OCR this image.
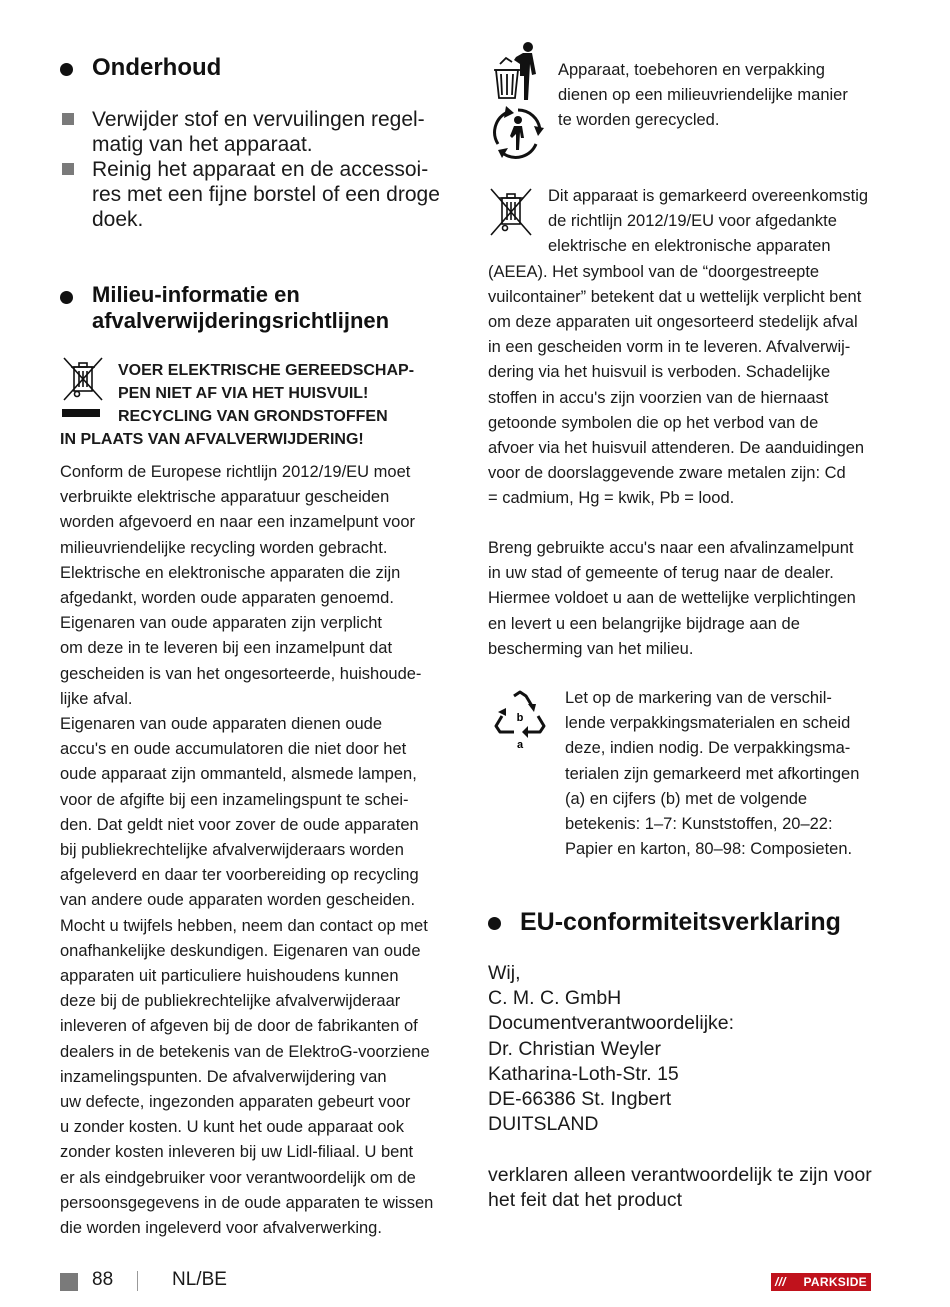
Onderhoud
Verwijder stof en vervuilingen regel-
matig van het apparaat.
Reinig het apparaat en de accessoi-
res met een fijne borstel of een droge
doek.
Milieu-informatie en
afvalverwijderingsrichtlijnen
VOER ELEKTRISCHE GEREEDSCHAP-
PEN NIET AF VIA HET HUISVUIL!
RECYCLING VAN GRONDSTOFFEN
IN PLAATS VAN AFVALVERWIJDERING!
Conform de Europese richtlijn 2012/19/EU moet
verbruikte elektrische apparatuur gescheiden
worden afgevoerd en naar een inzamelpunt voor
milieuvriendelijke recycling worden gebracht.
Elektrische en elektronische apparaten die zijn
afgedankt, worden oude apparaten genoemd.
Eigenaren van oude apparaten zijn verplicht
om deze in te leveren bij een inzamelpunt dat
gescheiden is van het ongesorteerde, huishoude-
lijke afval.
Eigenaren van oude apparaten dienen oude
accu's en oude accumulatoren die niet door het
oude apparaat zijn ommanteld, alsmede lampen,
voor de afgifte bij een inzamelingspunt te schei-
den. Dat geldt niet voor zover de oude apparaten
bij publiekrechtelijke afvalverwijderaars worden
afgeleverd en daar ter voorbereiding op recycling
van andere oude apparaten worden gescheiden.
Mocht u twijfels hebben, neem dan contact op met
onafhankelijke deskundigen. Eigenaren van oude
apparaten uit particuliere huishoudens kunnen
deze bij de publiekrechtelijke afvalverwijderaar
inleveren of afgeven bij de door de fabrikanten of
dealers in de betekenis van de ElektroG-voorziene
inzamelingspunten. De afvalverwijdering van
uw defecte, ingezonden apparaten gebeurt voor
u zonder kosten. U kunt het oude apparaat ook
zonder kosten inleveren bij uw Lidl-filiaal. U bent
er als eindgebruiker voor verantwoordelijk om de
persoonsgegevens in de oude apparaten te wissen
die worden ingeleverd voor afvalverwerking.
Apparaat, toebehoren en verpakking
dienen op een milieuvriendelijke manier
te worden gerecycled.
Dit apparaat is gemarkeerd overeenkomstig
de richtlijn 2012/19/EU voor afgedankte
elektrische en elektronische apparaten
(AEEA). Het symbool van de “doorgestreepte
vuilcontainer” betekent dat u wettelijk verplicht bent
om deze apparaten uit ongesorteerd stedelijk afval
in een gescheiden vorm in te leveren. Afvalverwij-
dering via het huisvuil is verboden. Schadelijke
stoffen in accu's zijn voorzien van de hiernaast
getoonde symbolen die op het verbod van de
afvoer via het huisvuil attenderen. De aanduidingen
voor de doorslaggevende zware metalen zijn: Cd
= cadmium, Hg = kwik, Pb = lood.
Breng gebruikte accu's naar een afvalinzamelpunt
in uw stad of gemeente of terug naar de dealer.
Hiermee voldoet u aan de wettelijke verplichtingen
en levert u een belangrijke bijdrage aan de
bescherming van het milieu.
b
a
Let op de markering van de verschil-
lende verpakkingsmaterialen en scheid
deze, indien nodig. De verpakkingsma-
terialen zijn gemarkeerd met afkortingen
(a) en cijfers (b) met de volgende
betekenis: 1–7: Kunststoffen, 20–22:
Papier en karton, 80–98: Composieten.
EU-conformiteitsverklaring
Wij,
C. M. C. GmbH
Documentverantwoordelijke:
Dr. Christian Weyler
Katharina-Loth-Str. 15
DE-66386 St. Ingbert
DUITSLAND
verklaren alleen verantwoordelijk te zijn voor
het feit dat het product
88	NL/BE	/// PARKSIDE
